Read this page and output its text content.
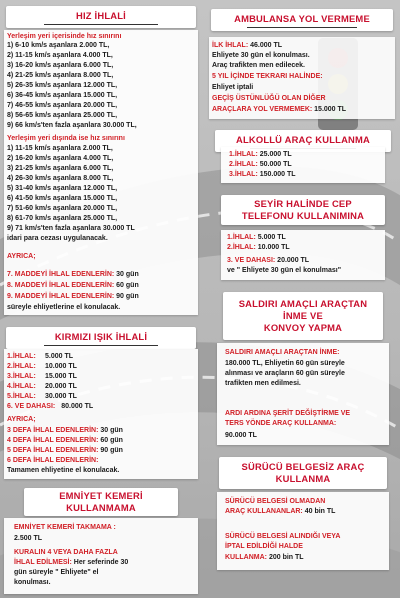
HIZ İHLALİ
Yerleşim yeri içerisinde hız sınırını
1) 6-10 km/s aşanlara 2.000 TL,
2) 11-15 km/s aşanlara 4.000 TL,
3) 16-20 km/s aşanlara 6.000 TL,
4) 21-25 km/s aşanlara 8.000 TL,
5) 26-35 km/s aşanlara 12.000 TL,
6) 36-45 km/s aşanlara 15.000 TL,
7) 46-55 km/s aşanlara 20.000 TL,
8) 56-65 km/s aşanlara 25.000 TL,
9) 66 km/s'ten fazla aşanlara 30.000 TL,
Yerleşim yeri dışında ise hız sınırını
1) 11-15 km/s aşanlara 2.000 TL,
2) 16-20 km/s aşanlara 4.000 TL,
3) 21-25 km/s aşanlara 6.000 TL,
4) 26-30 km/s aşanlara 8.000 TL,
5) 31-40 km/s aşanlara 12.000 TL,
6) 41-50 km/s aşanlara 15.000 TL,
7) 51-60 km/s aşanlara 20.000 TL,
8) 61-70 km/s aşanlara 25.000 TL,
9) 71 km/s'ten fazla aşanlara 30.000 TL
idari para cezası uygulanacak.
AYRICA;
7. MADDEYİ İHLAL EDENLERİN: 30 gün
8. MADDEYİ İHLAL EDENLERİN: 60 gün
9. MADDEYİ İHLAL EDENLERİN: 90 gün
süreyle ehliyetlerine el konulacak.
KIRMIZI IŞIK İHLALİ
1.İHLAL: 5.000 TL
2.İHLAL: 10.000 TL
3.İHLAL: 15.000 TL
4.İHLAL: 20.000 TL
5.İHLAL: 30.000 TL
6. VE DAHASI: 80.000 TL
AYRICA;
3 DEFA İHLAL EDENLERİN: 30 gün
4 DEFA İHLAL EDENLERİN: 60 gün
5 DEFA İHLAL EDENLERİN: 90 gün
6 DEFA İHLAL EDENLERİN:
Tamamen ehliyetine el konulacak.
EMNİYET KEMERİ
KULLANMAMA
EMNİYET KEMERİ TAKMAMA :
2.500 TL
KURALIN 4 VEYA DAHA FAZLA
İHLAL EDİLMESİ: Her seferinde 30
gün süreyle " Ehliyete" el
konulması.
AMBULANSA YOL VERMEME
İLK İHLAL: 46.000 TL
Ehliyete 30 gün el konulması.
Araç trafikten men edilecek.
5 YIL İÇİNDE TEKRARI HALİNDE:
Ehliyet iptali
GEÇİŞ ÜSTÜNLÜĞÜ OLAN DİĞER
ARAÇLARA YOL VERMEMEK: 15.000 TL
ALKOLLÜ ARAÇ KULLANMA
1.İHLAL: 25.000 TL
2.İHLAL: 50.000 TL
3.İHLAL: 150.000 TL
SEYİR HALİNDE CEP
TELEFONU KULLANIMINA
1.İHLAL: 5.000 TL
2.İHLAL: 10.000 TL
3. VE DAHASI: 20.000 TL
ve " Ehliyete 30 gün el konulması"
SALDIRI AMAÇLI ARAÇTAN
İNME VE
KONVOY YAPMA
SALDIRI AMAÇLI ARAÇTAN İNME:
180.000 TL, Ehliyetin 60 gün süreyle
alınması ve araçların 60 gün süreyle
trafikten men edilmesi.
ARDI ARDINA ŞERİT DEĞİŞTİRME VE
TERS YÖNDE ARAÇ KULLANMA:
90.000 TL
SÜRÜCÜ BELGESİZ ARAÇ
KULLANMA
SÜRÜCÜ BELGESİ OLMADAN
ARAÇ KULLANANLAR: 40 bin TL
SÜRÜCÜ BELGESİ ALINDIĞI VEYA
İPTAL EDİLDİĞİ HALDE
KULLANMA: 200 bin TL
